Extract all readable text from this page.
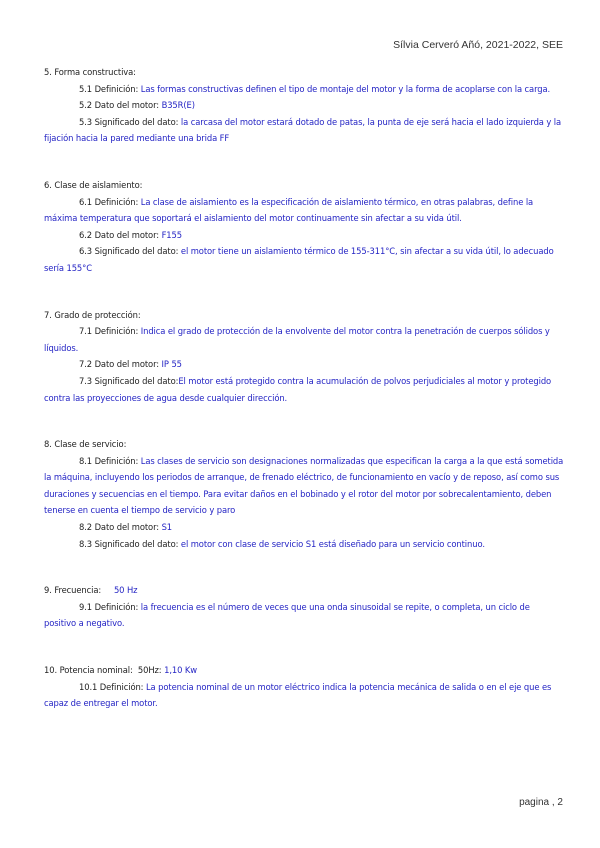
Sílvia Cerveró Añó, 2021-2022, SEE

5. Forma constructiva:

5.1 Definición: Las formas constructivas definen el tipo de montaje del motor y la forma de acoplarse con la carga.

5.2 Dato del motor: B35R(E)

5.3 Significado del dato: la carcasa del motor estará dotado de patas, la punta de eje será hacia el lado izquierda y la fijación hacia la pared mediante una brida FF

6. Clase de aislamiento:

6.1 Definición: La clase de aislamiento es la especificación de aislamiento térmico, en otras palabras, define la máxima temperatura que soportará el aislamiento del motor continuamente sin afectar a su vida útil.

6.2 Dato del motor: F155

6.3 Significado del dato: el motor tiene un aislamiento térmico de 155-311°C, sin afectar a su vida útil, lo adecuado sería 155°C

7. Grado de protección:

7.1 Definición: Indica el grado de protección de la envolvente del motor contra la penetración de cuerpos sólidos y líquidos.

7.2 Dato del motor: IP 55

7.3 Significado del dato:El motor está protegido contra la acumulación de polvos perjudiciales al motor y protegido contra las proyecciones de agua desde cualquier dirección.

8. Clase de servicio:

8.1 Definición: Las clases de servicio son designaciones normalizadas que especifican la carga a la que está sometida la máquina, incluyendo los periodos de arranque, de frenado eléctrico, de funcionamiento en vacío y de reposo, así como sus duraciones y secuencias en el tiempo. Para evitar daños en el bobinado y el rotor del motor por sobrecalentamiento, deben tenerse en cuenta el tiempo de servicio y paro

8.2 Dato del motor: S1

8.3 Significado del dato: el motor con clase de servicio S1 está diseñado para un servicio continuo.

9. Frecuencia: 50 Hz

9.1 Definición: la frecuencia es el número de veces que una onda sinusoidal se repite, o completa, un ciclo de positivo a negativo.

10. Potencia nominal: 50Hz: 1,10 Kw

10.1 Definición: La potencia nominal de un motor eléctrico indica la potencia mecánica de salida o en el eje que es capaz de entregar el motor.

pagina , 2
